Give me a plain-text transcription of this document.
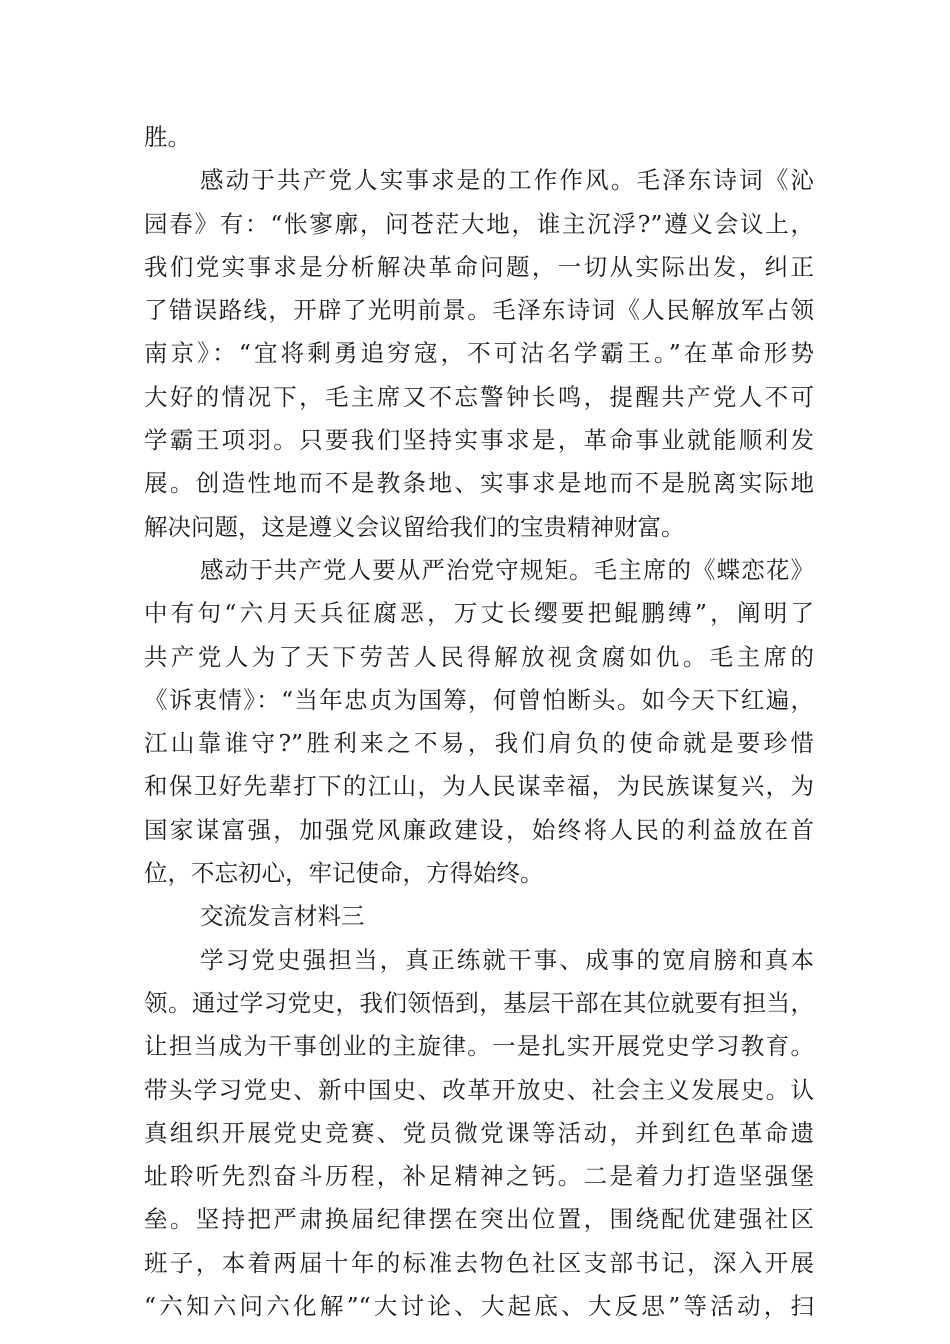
胜。
感动于共产党人实事求是的工作作风。毛泽东诗词《沁
园春》有：“怅寥廓，问苍茫大地，谁主沉浮?”遵义会议上，
我们党实事求是分析解决革命问题，一切从实际出发，纠正
了错误路线，开辟了光明前景。毛泽东诗词《人民解放军占领
南京》：“宜将剩勇追穷寇，不可沽名学霸王。”在革命形势
大好的情况下，毛主席又不忘警钟长鸣，提醒共产党人不可
学霸王项羽。只要我们坚持实事求是，革命事业就能顺利发
展。创造性地而不是教条地、实事求是地而不是脱离实际地
解决问题，这是遵义会议留给我们的宝贵精神财富。
感动于共产党人要从严治党守规矩。毛主席的《蝶恋花》
中有句“六月天兵征腐恶，万丈长缨要把鲲鹏缚”，阐明了
共产党人为了天下劳苦人民得解放视贪腐如仇。毛主席的
《诉衷情》：“当年忠贞为国筹，何曾怕断头。如今天下红遍，
江山靠谁守?”胜利来之不易，我们肩负的使命就是要珍惜
和保卫好先辈打下的江山，为人民谋幸福，为民族谋复兴，为
国家谋富强，加强党风廉政建设，始终将人民的利益放在首
位，不忘初心，牢记使命，方得始终。
交流发言材料三
学习党史强担当，真正练就干事、成事的宽肩膀和真本
领。通过学习党史，我们领悟到，基层干部在其位就要有担当，
让担当成为干事创业的主旋律。一是扎实开展党史学习教育。
带头学习党史、新中国史、改革开放史、社会主义发展史。认
真组织开展党史竞赛、党员微党课等活动，并到红色革命遗
址聆听先烈奋斗历程，补足精神之钙。二是着力打造坚强堡
垒。坚持把严肃换届纪律摆在突出位置，围绕配优建强社区
班子，本着两届十年的标准去物色社区支部书记，深入开展
“六知六问六化解”“大讨论、大起底、大反思”等活动，扫
